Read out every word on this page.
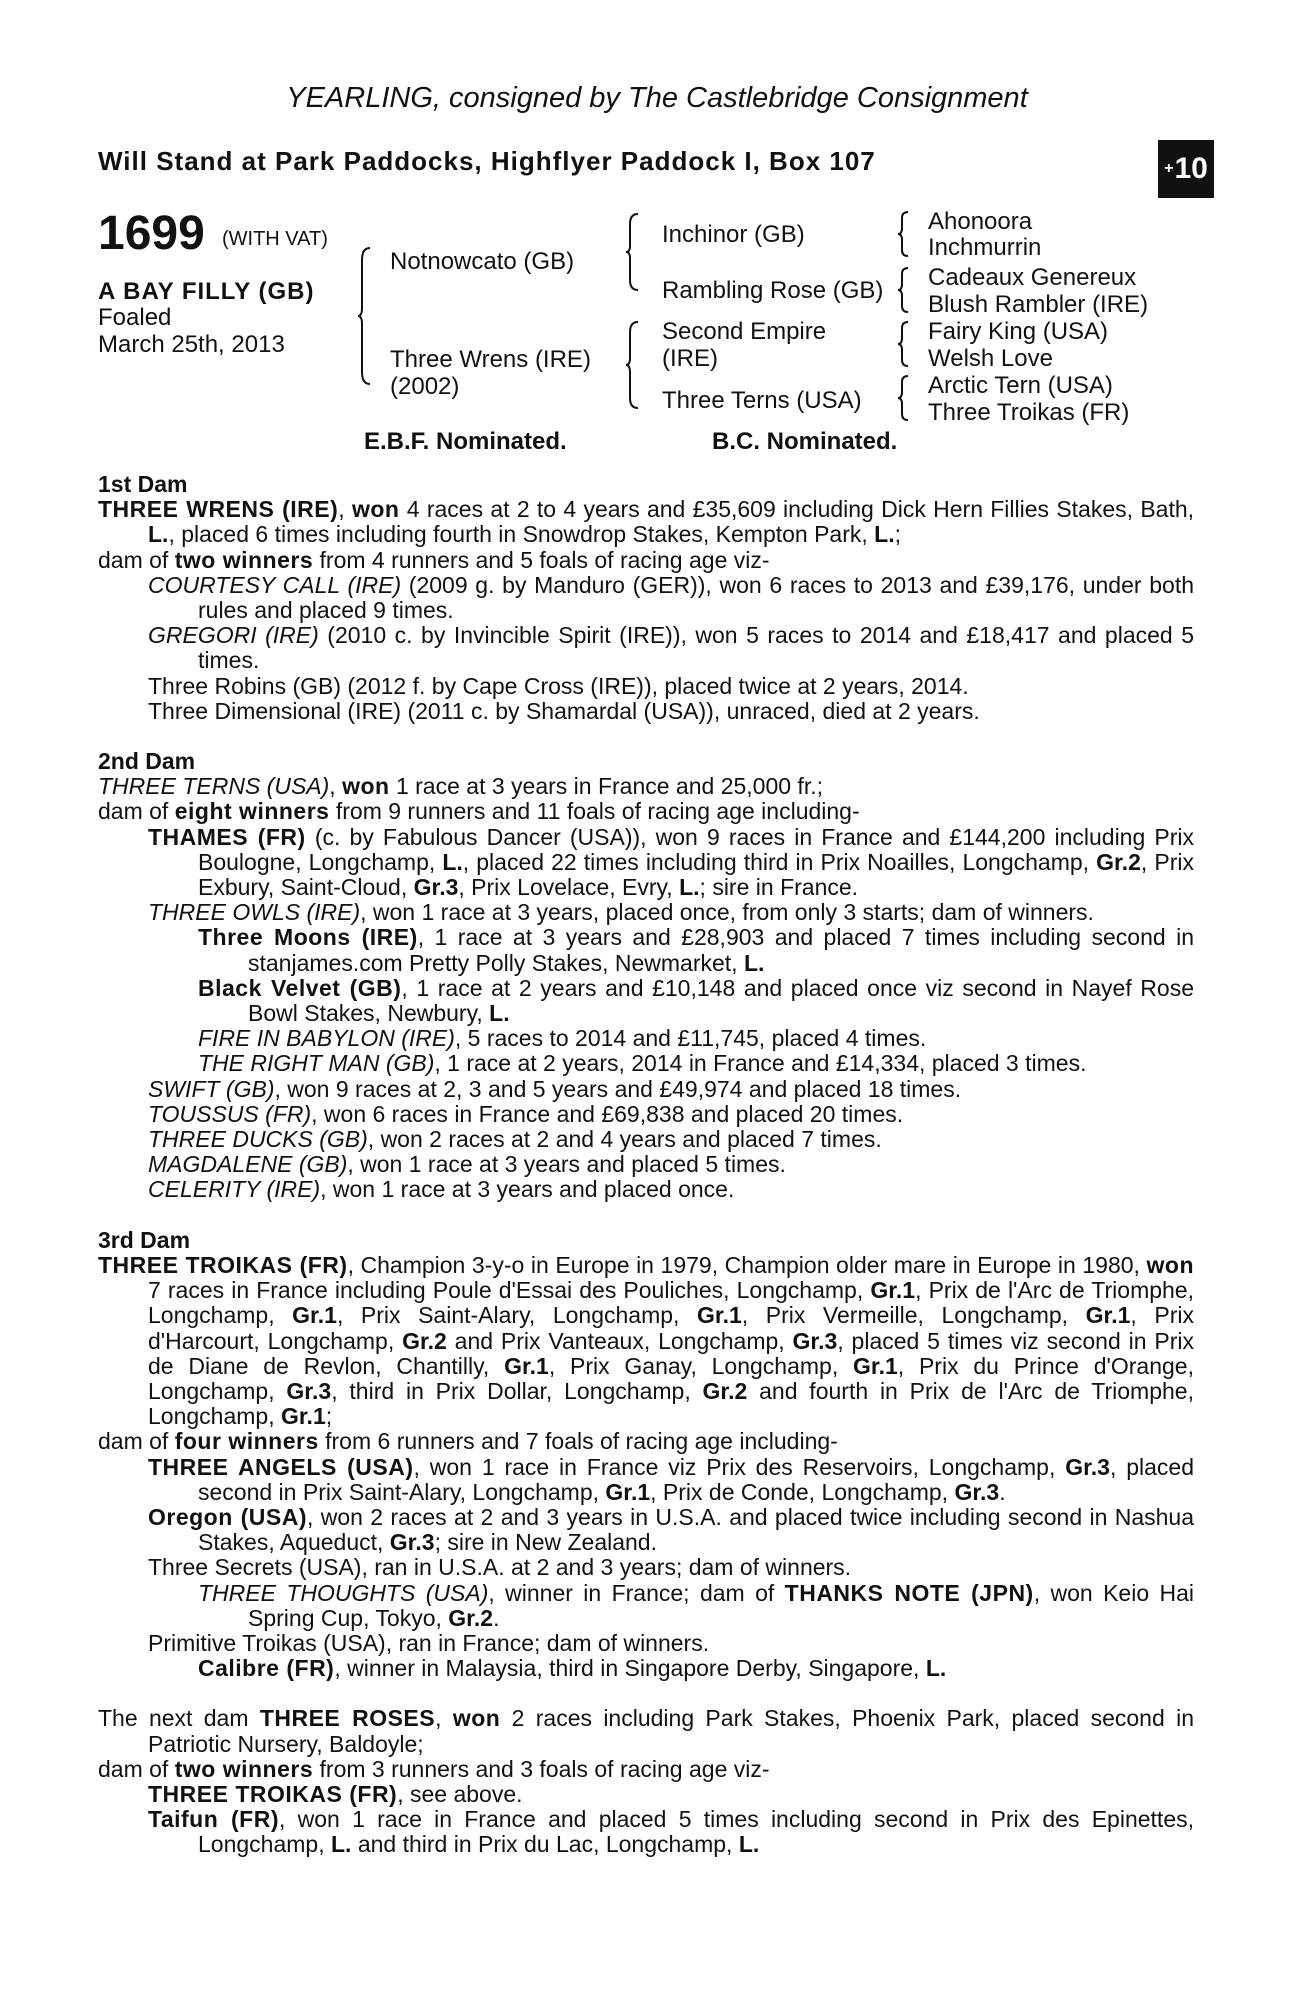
YEARLING, consigned by The Castlebridge Consignment
Will Stand at Park Paddocks, Highflyer Paddock I, Box 107	+ 10
1699 (WITH VAT)
A BAY FILLY (GB)
Foaled
March 25th, 2013
Notnowcato (GB)
Three Wrens (IRE)
(2002)
Inchinor (GB)
Rambling Rose (GB)
Second Empire
(IRE)
Three Terns (USA)
Ahonoora
Inchmurrin
Cadeaux Genereux
Blush Rambler (IRE)
Fairy King (USA)
Welsh Love
Arctic Tern (USA)
Three Troikas (FR)
E.B.F. Nominated.	B.C. Nominated.

1st Dam

THREE WRENS (IRE), won 4 races at 2 to 4 years and £35,609 including Dick Hern Fillies Stakes, Bath, L., placed 6 times including fourth in Snowdrop Stakes, Kempton Park, L.;

dam of two winners from 4 runners and 5 foals of racing age viz-

COURTESY CALL (IRE) (2009 g. by Manduro (GER)), won 6 races to 2013 and £39,176, under both rules and placed 9 times.

GREGORI (IRE) (2010 c. by Invincible Spirit (IRE)), won 5 races to 2014 and £18,417 and placed 5 times.

Three Robins (GB) (2012 f. by Cape Cross (IRE)), placed twice at 2 years, 2014.

Three Dimensional (IRE) (2011 c. by Shamardal (USA)), unraced, died at 2 years.

2nd Dam

THREE TERNS (USA), won 1 race at 3 years in France and 25,000 fr.;

dam of eight winners from 9 runners and 11 foals of racing age including-

THAMES (FR) (c. by Fabulous Dancer (USA)), won 9 races in France and £144,200 including Prix Boulogne, Longchamp, L., placed 22 times including third in Prix Noailles, Longchamp, Gr.2, Prix Exbury, Saint-Cloud, Gr.3, Prix Lovelace, Evry, L.; sire in France.

THREE OWLS (IRE), won 1 race at 3 years, placed once, from only 3 starts; dam of winners.

Three Moons (IRE), 1 race at 3 years and £28,903 and placed 7 times including second in stanjames.com Pretty Polly Stakes, Newmarket, L.

Black Velvet (GB), 1 race at 2 years and £10,148 and placed once viz second in Nayef Rose Bowl Stakes, Newbury, L.

FIRE IN BABYLON (IRE), 5 races to 2014 and £11,745, placed 4 times.

THE RIGHT MAN (GB), 1 race at 2 years, 2014 in France and £14,334, placed 3 times.

SWIFT (GB), won 9 races at 2, 3 and 5 years and £49,974 and placed 18 times.

TOUSSUS (FR), won 6 races in France and £69,838 and placed 20 times.

THREE DUCKS (GB), won 2 races at 2 and 4 years and placed 7 times.

MAGDALENE (GB), won 1 race at 3 years and placed 5 times.

CELERITY (IRE), won 1 race at 3 years and placed once.

3rd Dam

THREE TROIKAS (FR), Champion 3-y-o in Europe in 1979, Champion older mare in Europe in 1980, won 7 races in France including Poule d'Essai des Pouliches, Longchamp, Gr.1, Prix de l'Arc de Triomphe, Longchamp, Gr.1, Prix Saint-Alary, Longchamp, Gr.1, Prix Vermeille, Longchamp, Gr.1, Prix d'Harcourt, Longchamp, Gr.2 and Prix Vanteaux, Longchamp, Gr.3, placed 5 times viz second in Prix de Diane de Revlon, Chantilly, Gr.1, Prix Ganay, Longchamp, Gr.1, Prix du Prince d'Orange, Longchamp, Gr.3, third in Prix Dollar, Longchamp, Gr.2 and fourth in Prix de l'Arc de Triomphe, Longchamp, Gr.1;

dam of four winners from 6 runners and 7 foals of racing age including-

THREE ANGELS (USA), won 1 race in France viz Prix des Reservoirs, Longchamp, Gr.3, placed second in Prix Saint-Alary, Longchamp, Gr.1, Prix de Conde, Longchamp, Gr.3.

Oregon (USA), won 2 races at 2 and 3 years in U.S.A. and placed twice including second in Nashua Stakes, Aqueduct, Gr.3; sire in New Zealand.

Three Secrets (USA), ran in U.S.A. at 2 and 3 years; dam of winners.

THREE THOUGHTS (USA), winner in France; dam of THANKS NOTE (JPN), won Keio Hai Spring Cup, Tokyo, Gr.2.

Primitive Troikas (USA), ran in France; dam of winners.

Calibre (FR), winner in Malaysia, third in Singapore Derby, Singapore, L.

The next dam THREE ROSES, won 2 races including Park Stakes, Phoenix Park, placed second in Patriotic Nursery, Baldoyle;

dam of two winners from 3 runners and 3 foals of racing age viz-

THREE TROIKAS (FR), see above.

Taifun (FR), won 1 race in France and placed 5 times including second in Prix des Epinettes, Longchamp, L. and third in Prix du Lac, Longchamp, L.
